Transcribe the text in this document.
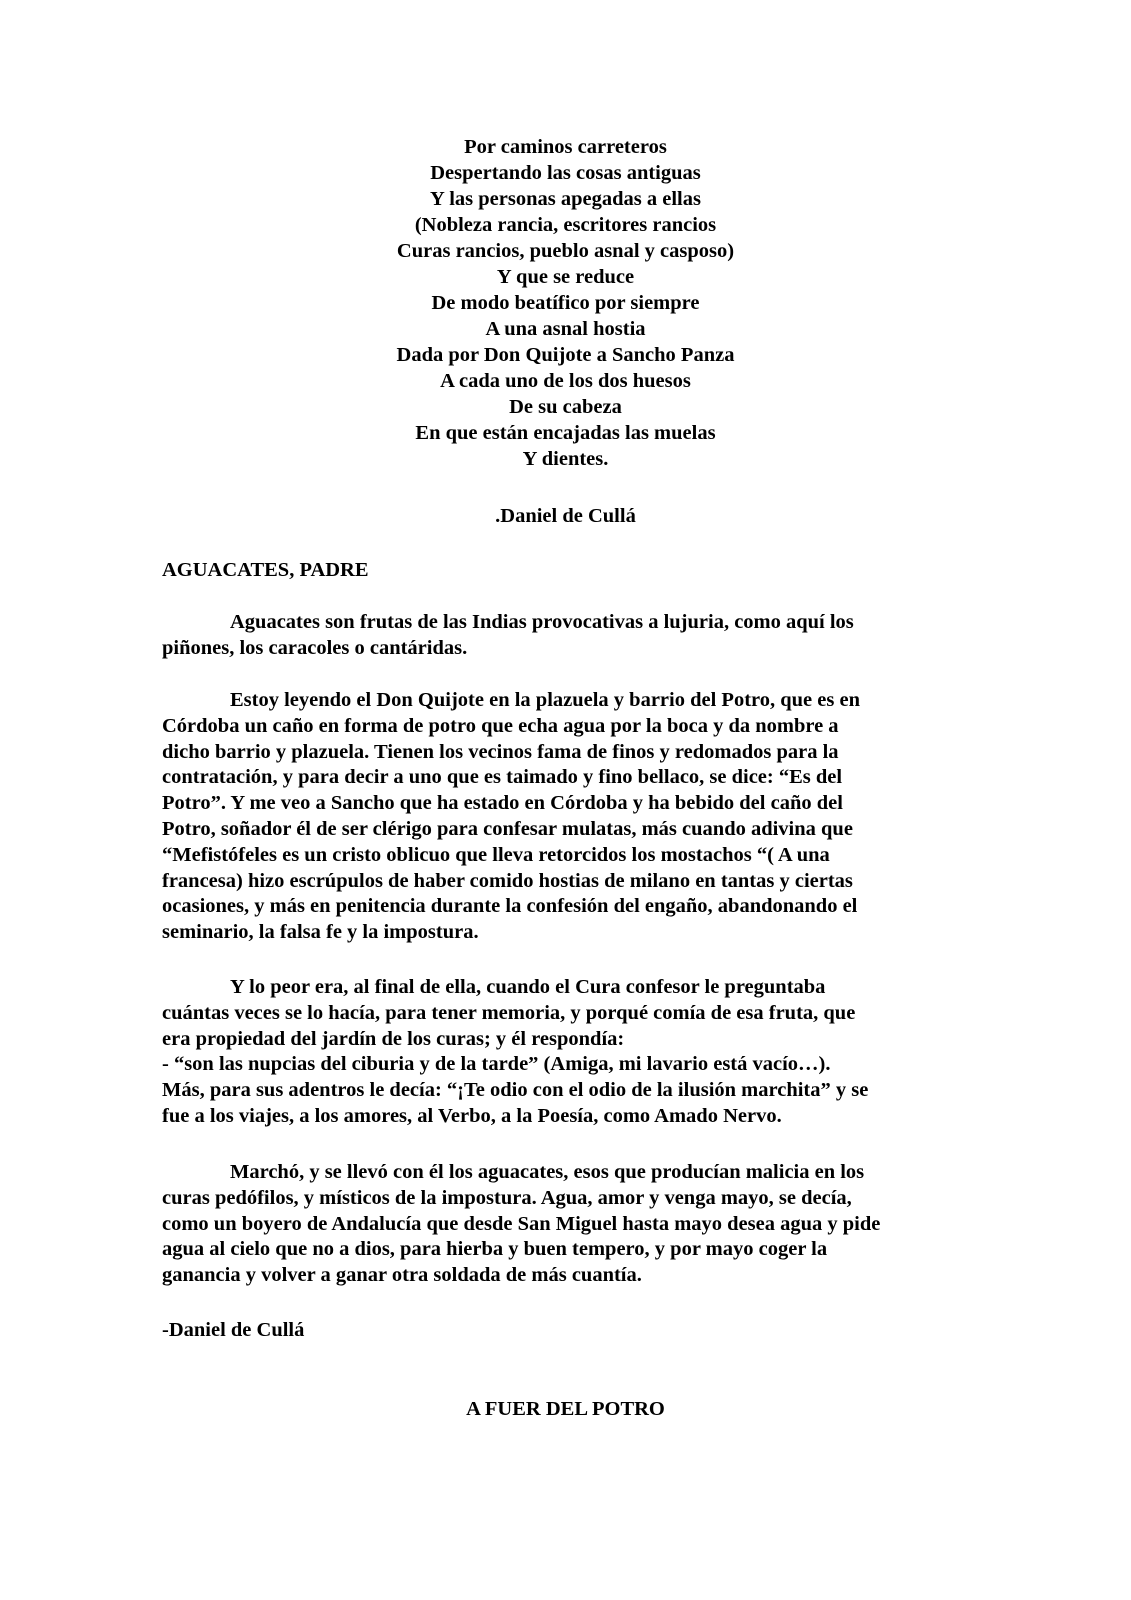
Por caminos carreteros
Despertando las cosas antiguas
Y las personas apegadas a ellas
(Nobleza rancia, escritores rancios
Curas rancios, pueblo asnal y casposo)
Y que se reduce
De modo beatífico por siempre
A una asnal hostia
Dada por Don Quijote a Sancho Panza
A cada uno de los dos huesos
De su cabeza
En que están encajadas las muelas
Y dientes.
.Daniel de Cullá
AGUACATES, PADRE
Aguacates son frutas de las Indias provocativas a lujuria, como aquí los
piñones, los caracoles o cantáridas.
Estoy leyendo el Don Quijote en la plazuela y barrio del Potro, que es en
Córdoba un caño en forma de potro que echa agua por la boca y da nombre a
dicho barrio y plazuela. Tienen los vecinos fama de finos y redomados para la
contratación, y para decir a uno que es taimado y fino bellaco, se dice: “Es del
Potro”. Y me veo a Sancho que ha estado en Córdoba y ha bebido del caño del
Potro, soñador él de ser clérigo para confesar mulatas, más cuando adivina que
“Mefistófeles es un cristo oblicuo que lleva retorcidos los mostachos “( A una
francesa) hizo escrúpulos de haber comido hostias de milano en tantas y ciertas
ocasiones, y más en penitencia durante la confesión del engaño, abandonando el
seminario, la falsa fe y la impostura.
Y lo peor era, al final de ella, cuando el Cura confesor le preguntaba
cuántas veces se lo hacía, para tener memoria, y porqué comía de esa fruta, que
era propiedad del jardín de los curas; y él respondía:
- “son las nupcias del ciburia y de la tarde” (Amiga, mi lavario está vacío…).
Más, para sus adentros le decía: “¡Te odio con el odio de la ilusión marchita” y se
fue a los viajes, a los amores, al Verbo, a la Poesía, como Amado Nervo.
Marchó, y se llevó con él los aguacates, esos que producían malicia en los
curas pedófilos, y místicos de la impostura. Agua, amor y venga mayo, se decía,
como un boyero de Andalucía que desde San Miguel hasta mayo desea agua y pide
agua al cielo que no a dios, para hierba y buen tempero, y por mayo coger la
ganancia y volver a ganar otra soldada de más cuantía.
-Daniel de Cullá
A FUER DEL POTRO
